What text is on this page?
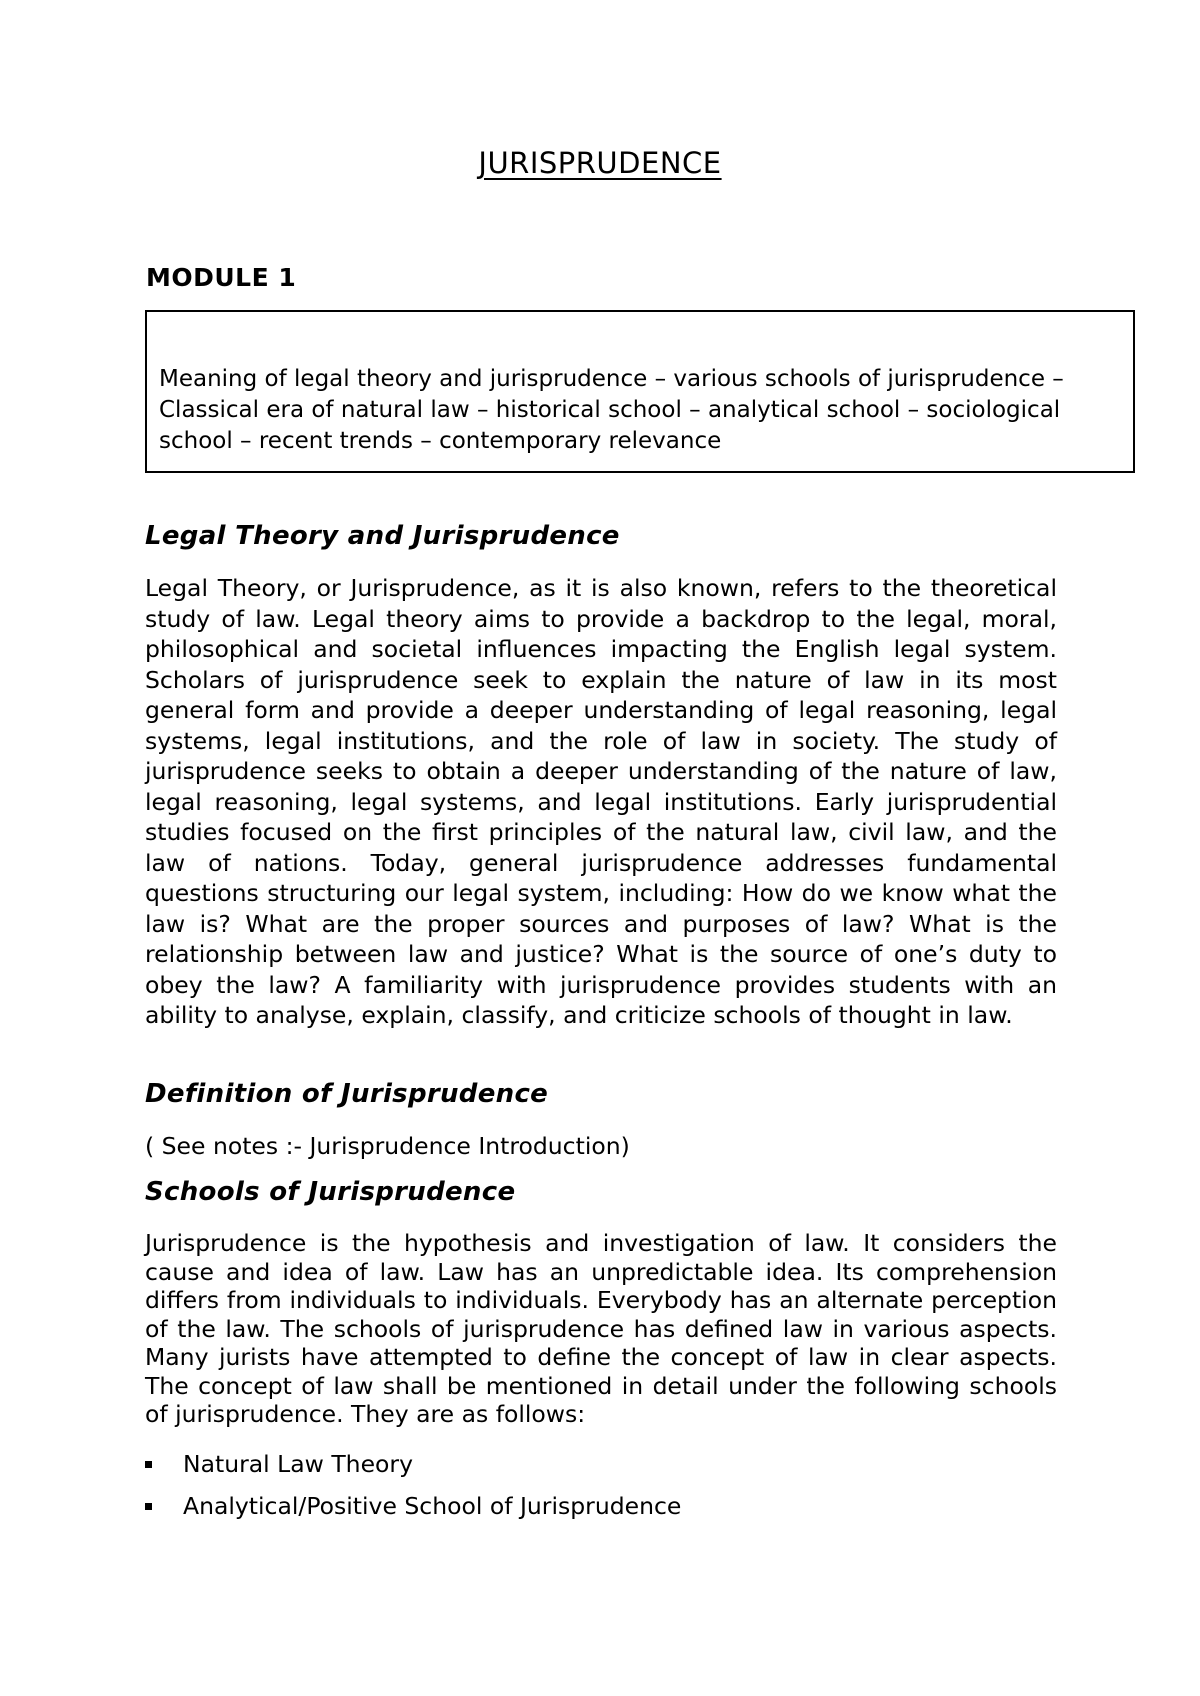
JURISPRUDENCE
MODULE 1

Meaning of legal theory and jurisprudence – various schools of jurisprudence – Classical era of natural law – historical school – analytical school – sociological school – recent trends – contemporary relevance

Legal Theory and Jurisprudence

Legal Theory, or Jurisprudence, as it is also known, refers to the theoretical study of law. Legal theory aims to provide a backdrop to the legal, moral, philosophical and societal influences impacting the English legal system. Scholars of jurisprudence seek to explain the nature of law in its most general form and provide a deeper understanding of legal reasoning, legal systems, legal institutions, and the role of law in society. The study of jurisprudence seeks to obtain a deeper understanding of the nature of law, legal reasoning, legal systems, and legal institutions. Early jurisprudential studies focused on the first principles of the natural law, civil law, and the law of nations. Today, general jurisprudence addresses fundamental questions structuring our legal system, including: How do we know what the law is? What are the proper sources and purposes of law? What is the relationship between law and justice? What is the source of one’s duty to obey the law? A familiarity with jurisprudence provides students with an ability to analyse, explain, classify, and criticize schools of thought in law.

Definition of Jurisprudence

( See notes :- Jurisprudence Introduction)

Schools of Jurisprudence

Jurisprudence is the hypothesis and investigation of law. It considers the cause and idea of law. Law has an unpredictable idea. Its comprehension differs from individuals to individuals. Everybody has an alternate perception of the law. The schools of jurisprudence has defined law in various aspects. Many jurists have attempted to define the concept of law in clear aspects. The concept of law shall be mentioned in detail under the following schools of jurisprudence. They are as follows:

Natural Law Theory
Analytical/Positive School of Jurisprudence
